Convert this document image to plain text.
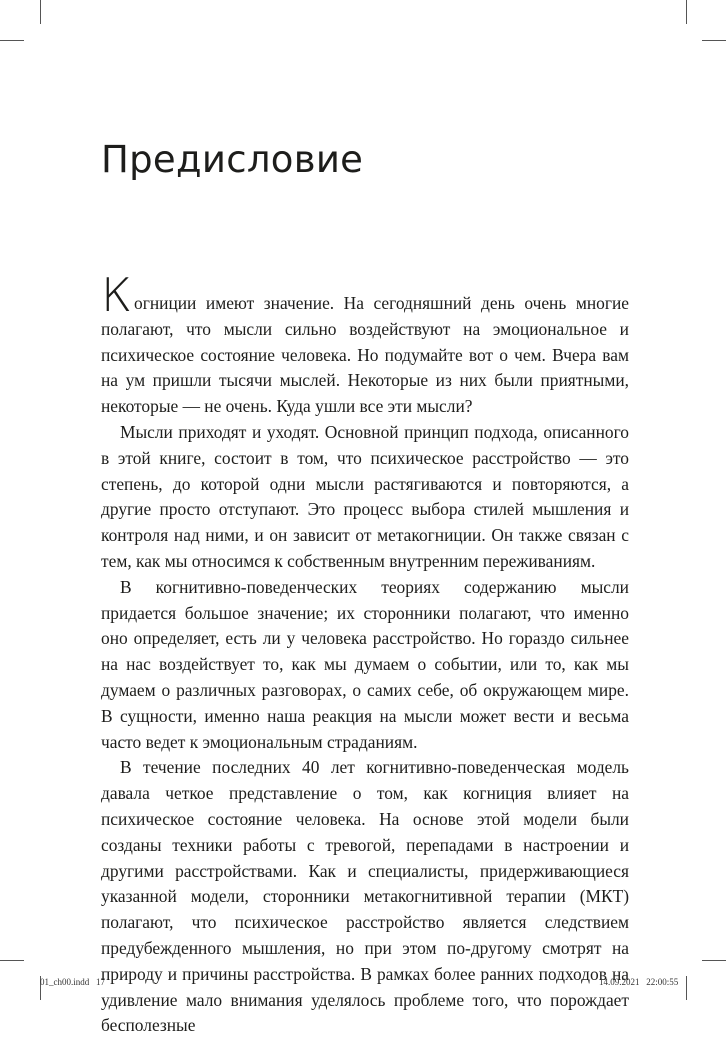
Предисловие

Когниции имеют значение. На сегодняшний день очень многие полагают, что мысли сильно воздействуют на эмоциональное и психическое состояние человека. Но подумайте вот о чем. Вчера вам на ум пришли тысячи мыслей. Некоторые из них были приятными, некоторые — не очень. Куда ушли все эти мысли?

Мысли приходят и уходят. Основной принцип подхода, описанного в этой книге, состоит в том, что психическое расстройство — это степень, до которой одни мысли растягиваются и повторяются, а другие просто отступают. Это процесс выбора стилей мышления и контроля над ними, и он зависит от метакогниции. Он также связан с тем, как мы относимся к собственным внутренним переживаниям.

В когнитивно-поведенческих теориях содержанию мысли придается большое значение; их сторонники полагают, что именно оно определяет, есть ли у человека расстройство. Но гораздо сильнее на нас воздействует то, как мы думаем о событии, или то, как мы думаем о различных разговорах, о самих себе, об окружающем мире. В сущности, именно наша реакция на мысли может вести и весьма часто ведет к эмоциональным страданиям.

В течение последних 40 лет когнитивно-поведенческая модель давала четкое представление о том, как когниция влияет на психическое состояние человека. На основе этой модели были созданы техники работы с тревогой, перепадами в настроении и другими расстройствами. Как и специалисты, придерживающиеся указанной модели, сторонники метакогнитивной терапии (МКТ) полагают, что психическое расстройство является следствием предубежденного мышления, но при этом по-другому смотрят на природу и причины расстройства. В рамках более ранних подходов на удивление мало внимания уделялось проблеме того, что порождает бесполезные

01_ch00.indd   17	14.09.2021   22:00:55
